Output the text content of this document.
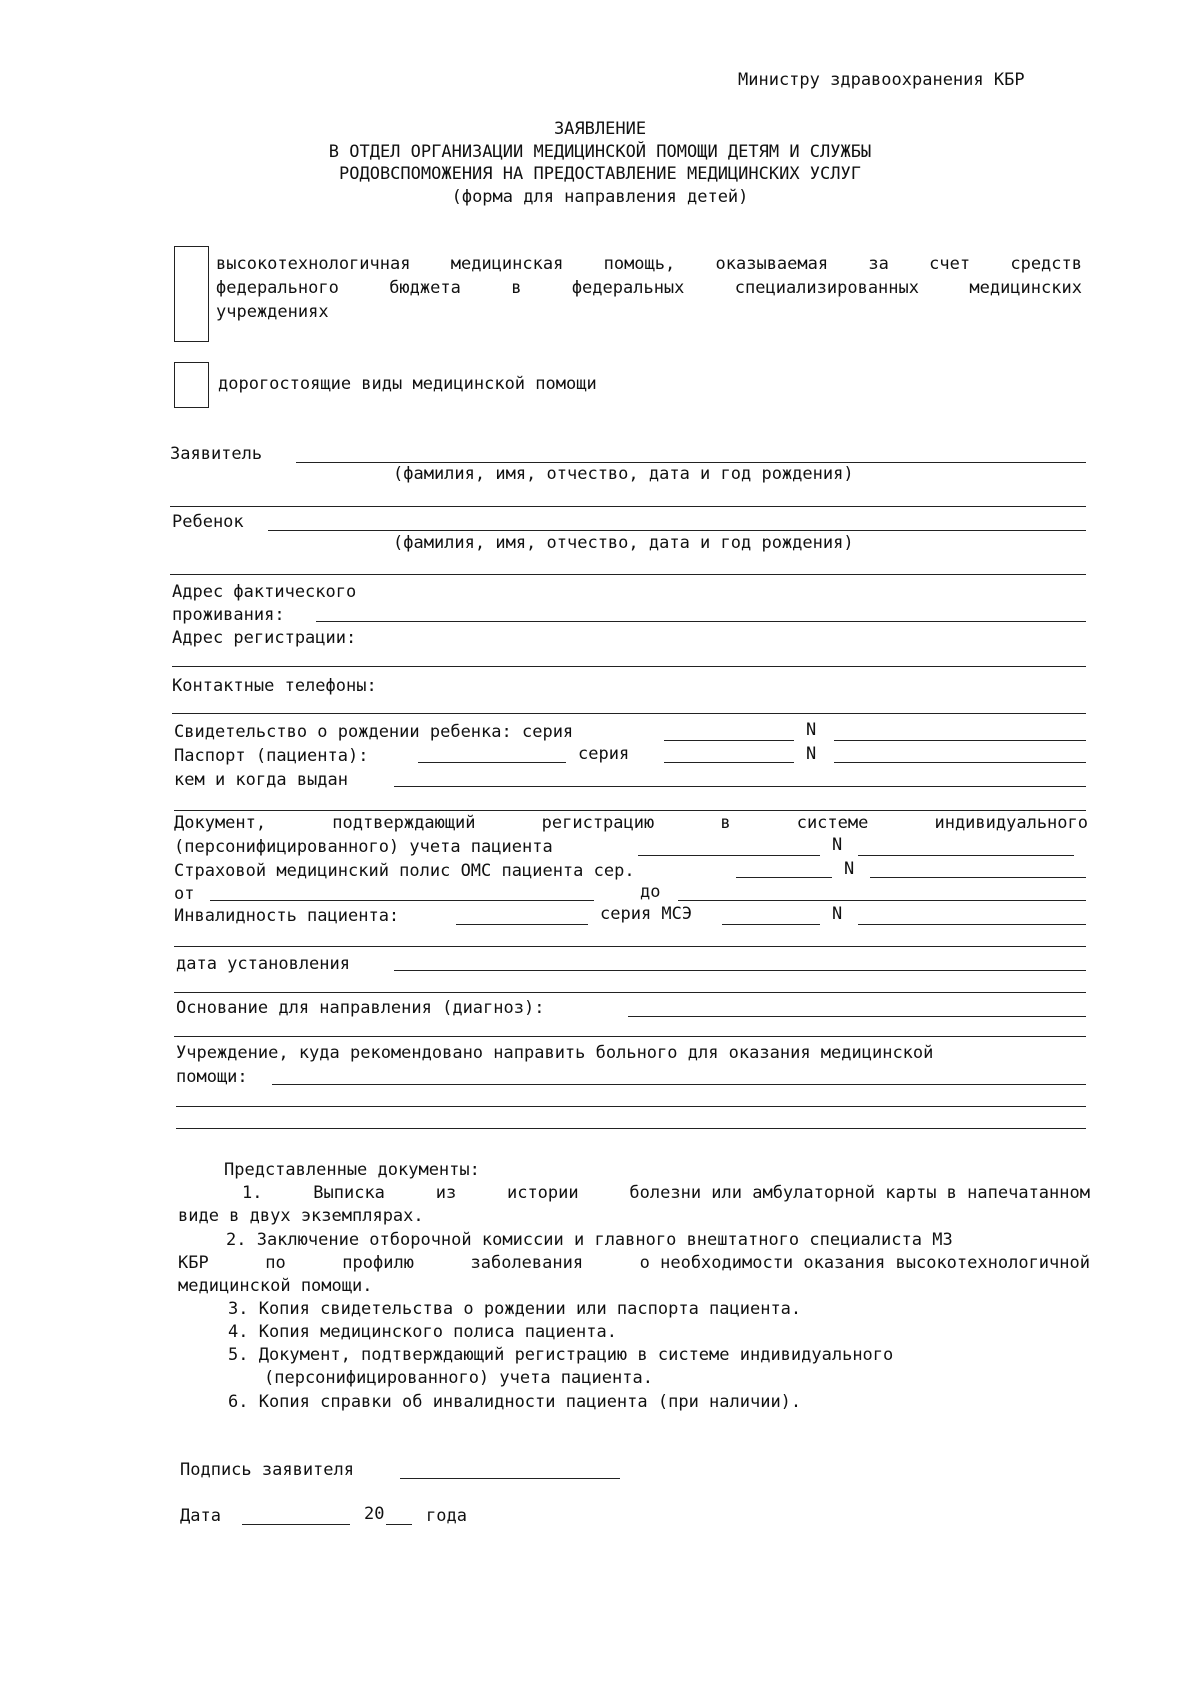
Министру здравоохранения КБР
ЗАЯВЛЕНИЕ
В ОТДЕЛ ОРГАНИЗАЦИИ МЕДИЦИНСКОЙ ПОМОЩИ ДЕТЯМ И СЛУЖБЫ
РОДОВСПОМОЖЕНИЯ НА ПРЕДОСТАВЛЕНИЕ МЕДИЦИНСКИХ УСЛУГ
(форма для направления детей)
высокотехнологичная медицинская помощь, оказываемая за счет средств
федерального	бюджета	в	федеральных	специализированных	медицинских
учреждениях
дорогостоящие виды медицинской помощи
Заявитель
(фамилия, имя, отчество, дата и год рождения)
Ребенок
(фамилия, имя, отчество, дата и год рождения)
Адрес фактического
проживания:
Адрес регистрации:
Контактные телефоны:
Свидетельство о рождении ребенка: серия	N
Паспорт (пациента):	серия	N
кем и когда выдан
Документ,	подтверждающий	регистрацию	в	системе	индивидуального
(персонифицированного) учета пациента	N
Страховой медицинский полис ОМС пациента сер.	N
от	до
Инвалидность пациента:	серия МСЭ	N
дата установления
Основание для направления (диагноз):
Учреждение, куда рекомендовано направить больного для оказания медицинской
помощи:
Представленные документы:
1.	Выписка	из	истории	болезни или амбулаторной карты в напечатанном
виде в двух экземплярах.
2. Заключение отборочной комиссии и главного внештатного специалиста МЗ
КБР	по	профилю	заболевания	о необходимости оказания высокотехнологичной
медицинской помощи.
3. Копия свидетельства о рождении или паспорта пациента.
4. Копия медицинского полиса пациента.
5. Документ, подтверждающий регистрацию в системе индивидуального
(персонифицированного) учета пациента.
6. Копия справки об инвалидности пациента (при наличии).
Подпись заявителя
Дата	20 года
